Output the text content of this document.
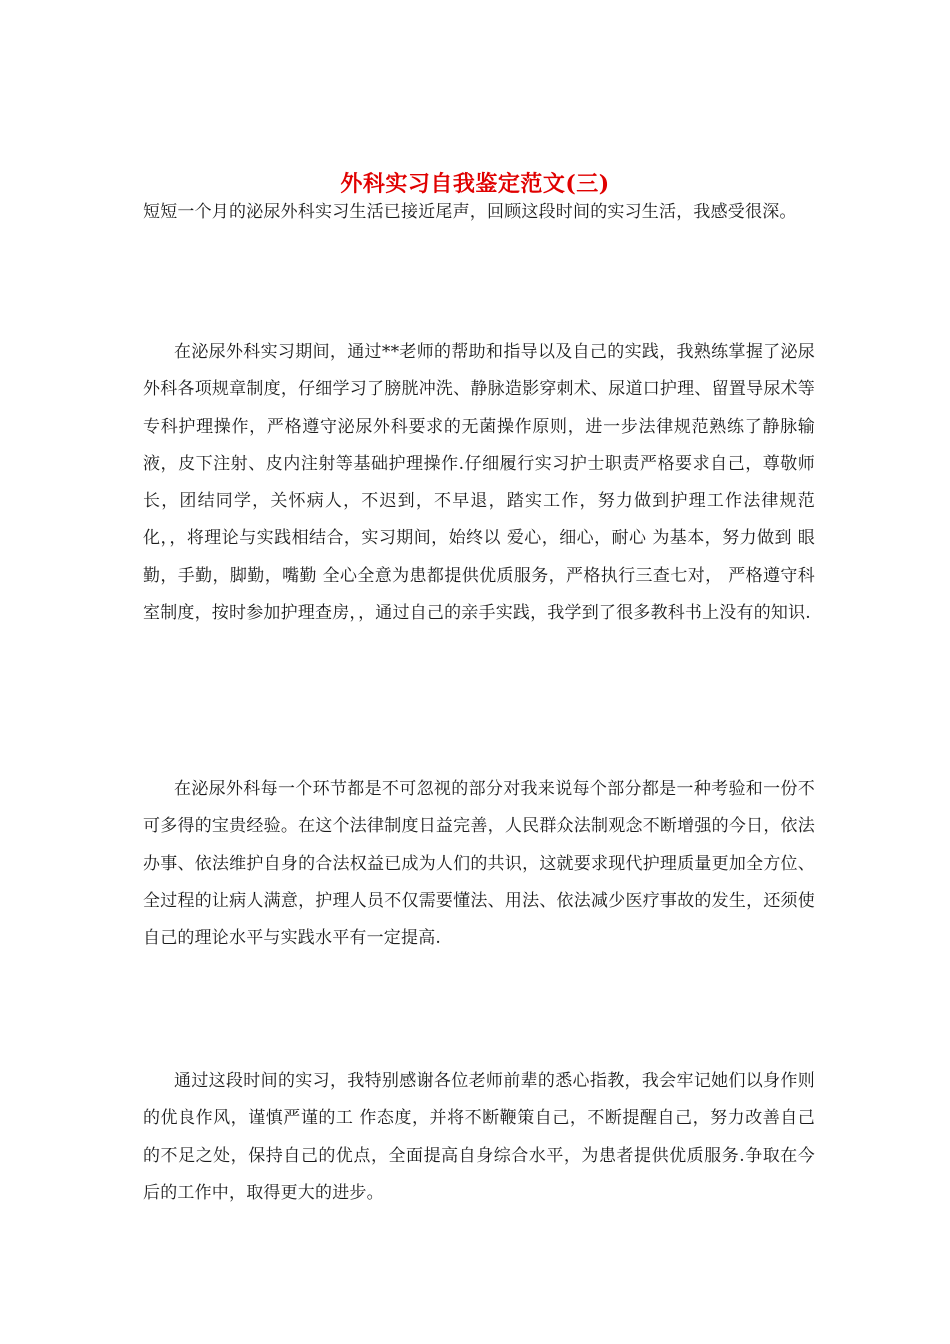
外科实习自我鉴定范文(三)

短短一个月的泌尿外科实习生活已接近尾声，回顾这段时间的实习生活，我感受很深。

在泌尿外科实习期间，通过**老师的帮助和指导以及自己的实践，我熟练掌握了泌尿外科各项规章制度，仔细学习了膀胱冲洗、静脉造影穿刺术、尿道口护理、留置导尿术等专科护理操作，严格遵守泌尿外科要求的无菌操作原则，进一步法律规范熟练了静脉输液，皮下注射、皮内注射等基础护理操作.仔细履行实习护士职责严格要求自己，尊敬师长，团结同学，关怀病人，不迟到，不早退，踏实工作，努力做到护理工作法律规范化，，将理论与实践相结合，实习期间，始终以 爱心，细心，耐心 为基本，努力做到 眼勤，手勤，脚勤，嘴勤 全心全意为患都提供优质服务，严格执行三查七对， 严格遵守科室制度，按时参加护理查房，，通过自己的亲手实践，我学到了很多教科书上没有的知识.

在泌尿外科每一个环节都是不可忽视的部分对我来说每个部分都是一种考验和一份不可多得的宝贵经验。在这个法律制度日益完善，人民群众法制观念不断增强的今日，依法办事、依法维护自身的合法权益已成为人们的共识，这就要求现代护理质量更加全方位、全过程的让病人满意，护理人员不仅需要懂法、用法、依法减少医疗事故的发生，还须使自己的理论水平与实践水平有一定提高.

通过这段时间的实习，我特别感谢各位老师前辈的悉心指教，我会牢记她们以身作则的优良作风，谨慎严谨的工 作态度，并将不断鞭策自己，不断提醒自己，努力改善自己的不足之处，保持自己的优点，全面提高自身综合水平，为患者提供优质服务.争取在今后的工作中，取得更大的进步。
